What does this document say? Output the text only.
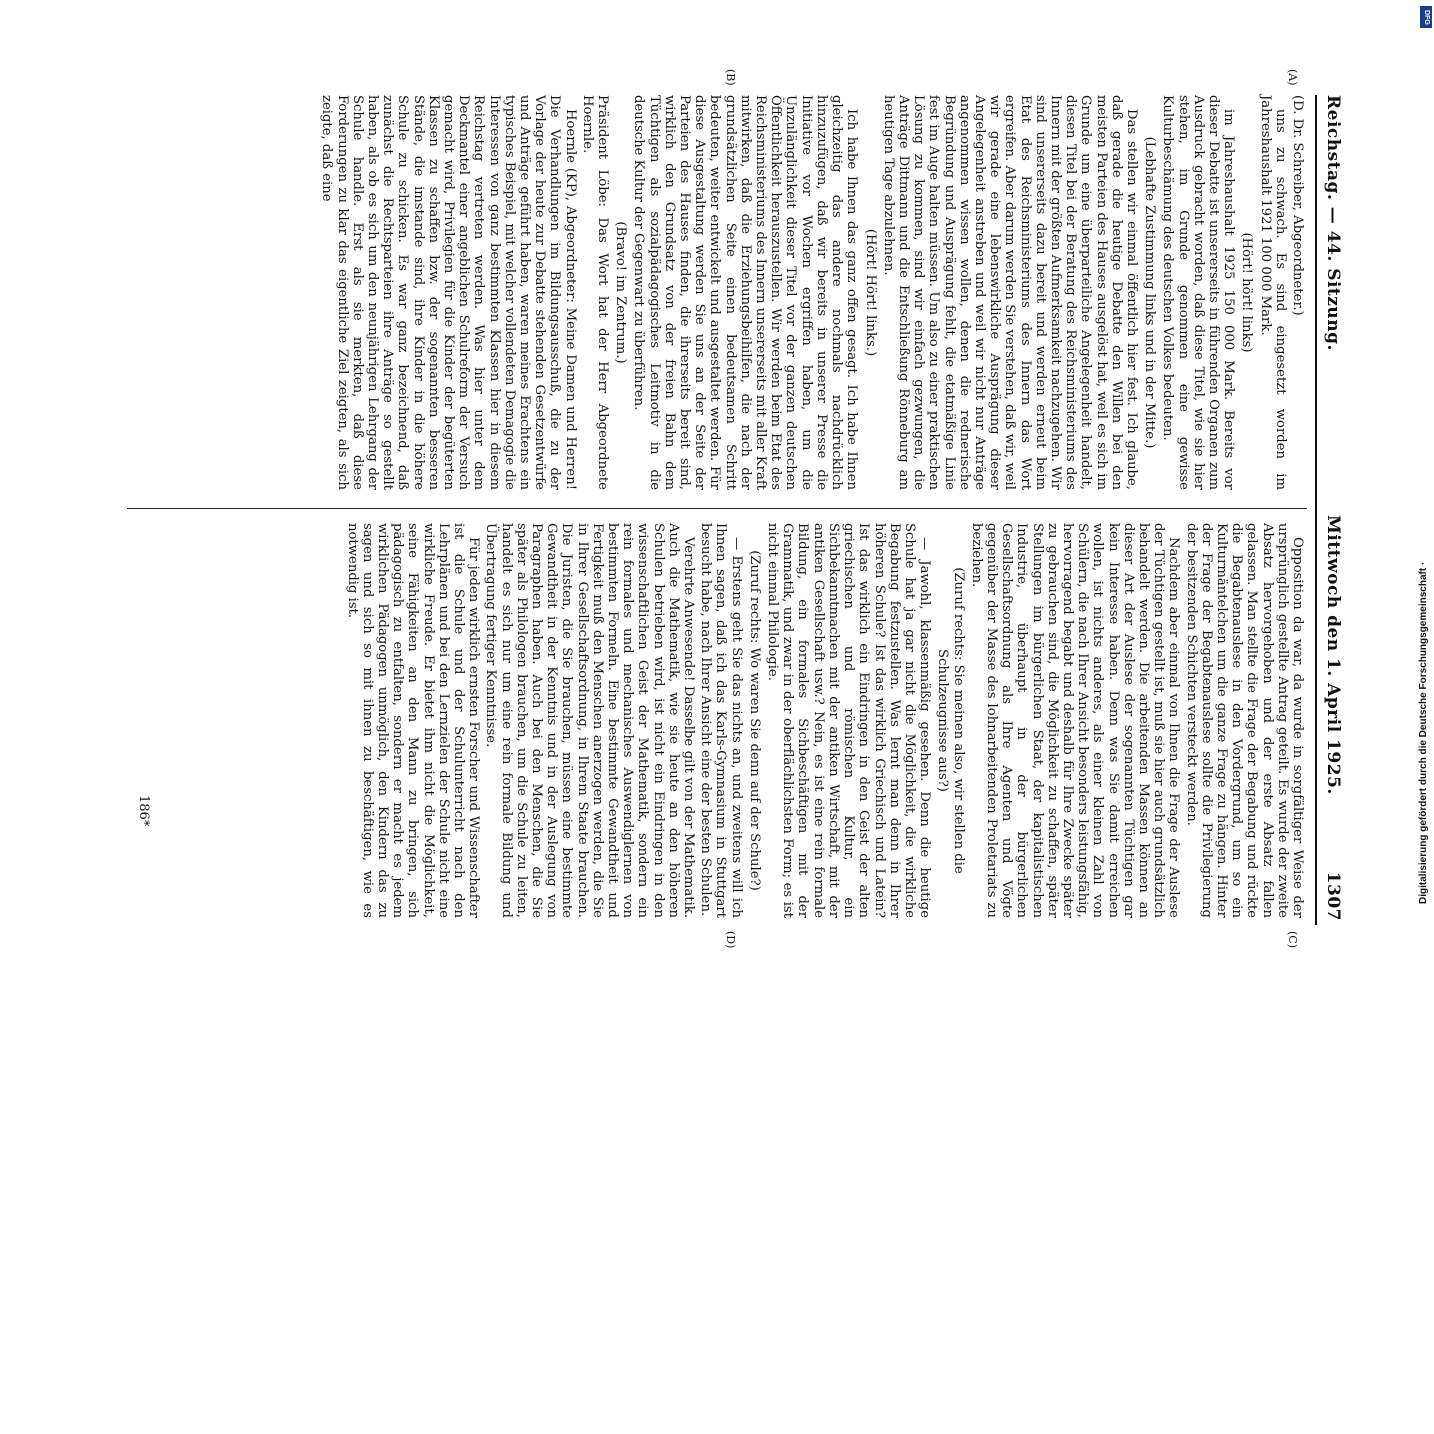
Reichstag. — 44. Sitzung.
Mittwoch den 1. April 1925.
1307

(D. Dr. Schreiber, Abgeordneter.)

uns zu schwach. Es sind eingesetzt worden im Jahreshaushalt 1921 100 000 Mark.

(Hört! hört! links)

im Jahreshaushalt 1925 150 000 Mark. Bereits vor dieser Debatte ist unsererseits in führenden Organen zum Ausdruck gebracht worden, daß diese Titel, wie sie hier stehen, im Grunde genommen eine gewisse Kulturbeschämung des deutschen Volkes bedeuten.

(Lebhafte Zustimmung links und in der Mitte.)

Das stellen wir einmal öffentlich hier fest. Ich glaube, daß gerade die heutige Debatte den Willen bei den meisten Parteien des Hauses ausgelöst hat, weil es sich im Grunde um eine überparteiliche Angelegenheit handelt, diesen Titel bei der Beratung des Reichsministeriums des Innern mit der größten Aufmerksamkeit nachzugehen. Wir sind unsererseits dazu bereit und werden erneut beim Etat des Reichsministeriums des Innern das Wort ergreifen. Aber darum werden Sie verstehen, daß wir, weil wir gerade eine lebenswirkliche Ausprägung dieser Angelegenheit anstreben und weil wir nicht nur Anträge angenommen wissen wollen, denen die rednerische Begründung und Ausprägung fehlt, die etatmäßige Linie fest im Auge halten müssen. Um also zu einer praktischen Lösung zu kommen, sind wir einfach gezwungen, die Anträge Dittmann und die Entschließung Rönneburg am heutigen Tage abzulehnen.

(Hört! Hört! links.)

Ich habe Ihnen das ganz offen gesagt. Ich habe Ihnen gleichzeitig das andere nochmals nachdrücklich hinzuzufügen, daß wir bereits in unserer Presse die Initiative vor Wochen ergriffen haben, um die Unzulänglichkeit dieser Titel vor der ganzen deutschen Öffentlichkeit herauszustellen. Wir werden beim Etat des Reichsministeriums des Innern unsererseits mit aller Kraft mitwirken, daß die Erziehungsbeihilfen, die nach der grundsätzlichen Seite einen bedeutsamen Schritt bedeuten, weiter entwickelt und ausgestaltet werden. Für diese Ausgestaltung werden Sie uns an der Seite der Parteien des Hauses finden, die ihrerseits bereit sind, wirklich den Grundsatz von der freien Bahn dem Tüchtigen als sozialpädagogisches Leitmotiv in die deutsche Kultur der Gegenwart zu überführen.

(Bravo! im Zentrum.)

Präsident Löbe: Das Wort hat der Herr Abgeordnete Hoernle.

Hoernle (KP), Abgeordneter: Meine Damen und Herren! Die Verhandlungen im Bildungsausschuß, die zu der Vorlage der heute zur Debatte stehenden Gesetzentwürfe und Anträge geführt haben, waren meines Erachtens ein typisches Beispiel, mit welcher vollendeten Demagogie die Interessen von ganz bestimmten Klassen hier in diesem Reichstag vertreten werden. Was hier unter dem Deckmantel einer angeblichen Schulreform der Versuch gemacht wird, Privilegien für die Kinder der begüterten Klassen zu schaffen bzw. der sogenannten besseren Stände, die imstande sind, ihre Kinder in die höhere Schule zu schicken. Es war ganz bezeichnend, daß zunächst die Rechtsparteien ihre Anträge so gestellt haben, als ob es sich um den neunjährigen Lehrgang der Schule handle. Erst als sie merkten, daß diese Forderungen zu klar das eigentliche Ziel zeigten, als sich zeigte, daß eine

Opposition da war, da wurde in sorgfältiger Weise der ursprünglich gestellte Antrag geteilt. Es wurde der zweite Absatz hervorgehoben und der erste Absatz fallen gelassen. Man stellte die Frage der Begabung und rückte die Begabtenauslese in den Vordergrund, um so ein Kulturmäntelchen um die ganze Frage zu hängen. Hinter der Frage der Begabtenauslese sollte die Privilegierung der besitzenden Schichten versteckt werden.

Nachdem aber einmal von Ihnen die Frage der Auslese der Tüchtigen gestellt ist, muß sie hier auch grundsätzlich behandelt werden. Die arbeitenden Massen können an dieser Art der Auslese der sogenannten Tüchtigen gar kein Interesse haben. Denn was Sie damit erreichen wollen, ist nichts anderes, als einer kleinen Zahl von Schülern, die nach Ihrer Ansicht besonders leistungsfähig, hervorragend begabt und deshalb für Ihre Zwecke später zu gebrauchen sind, die Möglichkeit zu schaffen, später Stellungen im bürgerlichen Staat, der kapitalistischen Industrie, überhaupt in der bürgerlichen Gesellschaftsordnung als Ihre Agenten und Vögte gegenüber der Masse des lohnarbeitenden Proletariats zu beziehen.

(Zuruf rechts: Sie meinen also, wir stellen die Schulzeugnisse aus?)

— Jawohl, klassenmäßig gesehen. Denn die heutige Schule hat ja gar nicht die Möglichkeit, die wirkliche Begabung festzustellen. Was lernt man denn in Ihrer höheren Schule? Ist das wirklich Griechisch und Latein? Ist das wirklich ein Eindringen in den Geist der alten griechischen und römischen Kultur, ein Sichbekanntmachen mit der antiken Wirtschaft, mit der antiken Gesellschaft usw.? Nein, es ist eine rein formale Bildung, ein formales Sichbeschäftigen mit der Grammatik, und zwar in der oberflächlichsten Form; es ist nicht einmal Philologie.

(Zuruf rechts: Wo waren Sie denn auf der Schule?)

— Erstens geht Sie das nichts an, und zweitens will ich Ihnen sagen, daß ich das Karls-Gymnasium in Stuttgart besucht habe, nach Ihrer Ansicht eine der besten Schulen.

Verehrte Anwesende! Dasselbe gilt von der Mathematik. Auch die Mathematik, wie sie heute an den höheren Schulen betrieben wird, ist nicht ein Eindringen in den wissenschaftlichen Geist der Mathematik, sondern ein rein formales und mechanisches Auswendiglernen von bestimmten Formeln. Eine bestimmte Gewandtheit und Fertigkeit muß den Menschen anerzogen werden, die Sie in Ihrer Gesellschaftsordnung, in Ihrem Staate brauchen. Die Juristen, die Sie brauchen, müssen eine bestimmte Gewandtheit in der Kenntnis und in der Auslegung von Paragraphen haben. Auch bei den Menschen, die Sie später als Philologen brauchen, um die Schule zu leiten, handelt es sich nur um eine rein formale Bildung und Übertragung fertiger Kenntnisse.

Für jeden wirklich ernsten Forscher und Wissenschafter ist die Schule und der Schulunterricht nach den Lehrplänen und bei den Lernzielen der Schule nicht eine wirkliche Freude. Er bietet ihm nicht die Möglichkeit, seine Fähigkeiten an den Mann zu bringen, sich pädagogisch zu entfalten, sondern er macht es jedem wirklichen Pädagogen unmöglich, den Kindern das zu sagen und sich so mit ihnen zu beschäftigen, wie es notwendig ist.

(A)
(B)
(C)
(D)
186*	Digitalisierung gefördert durch die Deutsche Forschungsgemeinschaft ·
DFG
